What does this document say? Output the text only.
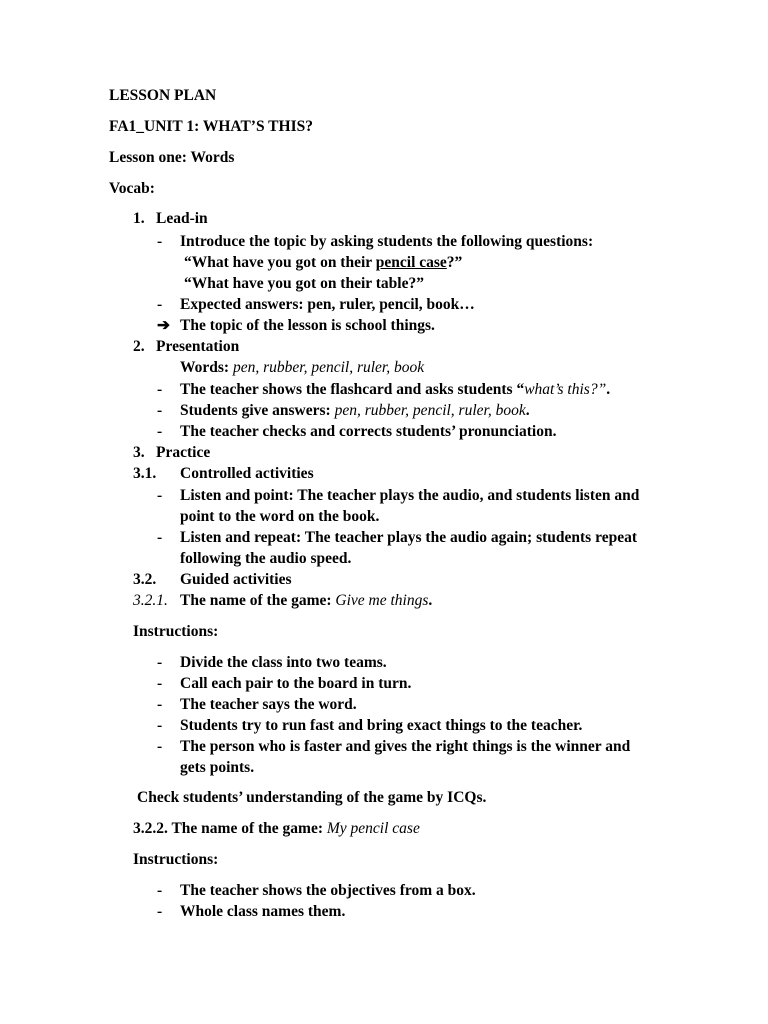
LESSON PLAN
FA1_UNIT 1: WHAT’S THIS?
Lesson one: Words
Vocab:
1. Lead-in
- Introduce the topic by asking students the following questions:
“What have you got on their pencil case?”
“What have you got on their table?”
- Expected answers: pen, ruler, pencil, book…
➔ The topic of the lesson is school things.
2. Presentation
Words: pen, rubber, pencil, ruler, book
- The teacher shows the flashcard and asks students “what’s this?”.
- Students give answers: pen, rubber, pencil, ruler, book.
- The teacher checks and corrects students’ pronunciation.
3. Practice
3.1. Controlled activities
- Listen and point: The teacher plays the audio, and students listen and
point to the word on the book.
- Listen and repeat: The teacher plays the audio again; students repeat
following the audio speed.
3.2. Guided activities
3.2.1. The name of the game: Give me things.
Instructions:
- Divide the class into two teams.
- Call each pair to the board in turn.
- The teacher says the word.
- Students try to run fast and bring exact things to the teacher.
- The person who is faster and gives the right things is the winner and
gets points.
Check students’ understanding of the game by ICQs.
3.2.2. The name of the game: My pencil case
Instructions:
- The teacher shows the objectives from a box.
- Whole class names them.
